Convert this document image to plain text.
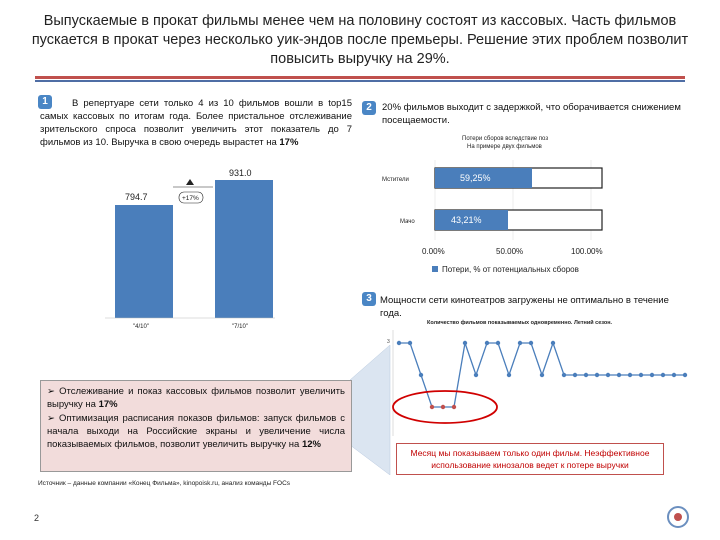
Выпускаемые в прокат фильмы менее чем на половину состоят из кассовых. Часть фильмов пускается в прокат через несколько уик-эндов после премьеры. Решение этих проблем позволит повысить выручку на 29%.
1	В репертуаре сети только 4 из 10 фильмов вошли в top15 самых кассовых по итогам года. Более пристальное отслеживание зрительского спроса позволит увеличить этот показатель до 7 фильмов из 10. Выручка в свою очередь вырастет на 17%
794.7
931.0
+17%
"4/10"	"7/10"
2	20% фильмов выходит с задержкой, что оборачивается снижением посещаемости.
Потери сборов вследствие поз
На примере двух фильмов
Мстители	59,25%
Мачо	43,21%
0.00%	50.00%	100.00%
Потери, % от потенциальных сборов
3 Мощности сети кинотеатров загружены не оптимально в течение года.
Количество фильмов показываемых одновременно. Летний сезон.
3
Месяц мы показываем только один фильм. Неэффективное использование кинозалов ведет к потере выручки

➢ Отслеживание и показ кассовых фильмов позволит увеличить выручку на 17%

➢ Оптимизация расписания показов фильмов: запуск фильмов с начала выходи на Российские экраны и увеличение числа показываемых фильмов, позволит увеличить выручку на 12%

Источник – данные компании «Конец Фильма», kinopoisk.ru, анализ команды FOCs
2
